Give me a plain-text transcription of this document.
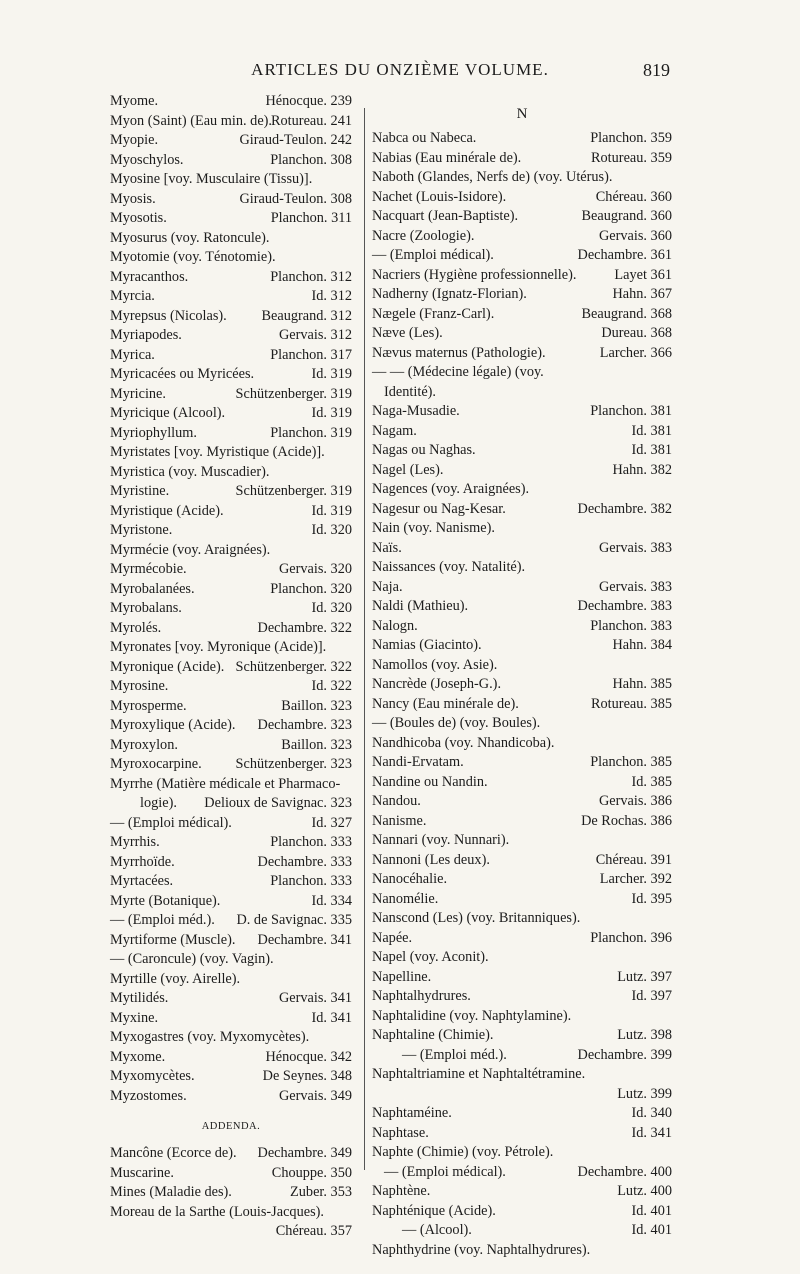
ARTICLES DU ONZIÈME VOLUME.	819
Myome.	Hénocque. 239
Myon (Saint) (Eau min. de). Rotureau. 241
Myopie.	Giraud-Teulon. 242
Myoschylos.	Planchon. 308
Myosine [voy. Musculaire (Tissu)].
Myosis.	Giraud-Teulon. 308
Myosotis.	Planchon. 311
Myosurus (voy. Ratoncule).
Myotomie (voy. Ténotomie).
Myracanthos.	Planchon. 312
Myrcia.	Id. 312
Myrepsus (Nicolas). Beaugrand. 312
Myriapodes.	Gervais. 312
Myrica.	Planchon. 317
Myricacées ou Myricées.	Id. 319
Myricine.	Schützenberger. 319
Myricique (Alcool).	Id. 319
Myriophyllum.	Planchon. 319
Myristates [voy. Myristique (Acide)].
Myristica (voy. Muscadier).
Myristine.	Schützenberger. 319
Myristique (Acide).	Id. 319
Myristone.	Id. 320
Myrmécie (voy. Araignées).
Myrmécobie.	Gervais. 320
Myrobalanées.	Planchon. 320
Myrobalans.	Id. 320
Myrolés.	Dechambre. 322
Myronates [voy. Myronique (Acide)].
Myronique (Acide). Schützenberger. 322
Myrosine.	Id. 322
Myrosperme.	Baillon. 323
Myroxylique (Acide). Dechambre. 323
Myroxylon.	Baillon. 323
Myroxocarpine. Schützenberger. 323
Myrrhe (Matière médicale et Pharmaco-
logie). Delioux de Savignac. 323
— (Emploi médical).	Id. 327
Myrrhis.	Planchon. 333
Myrrhoïde.	Dechambre. 333
Myrtacées.	Planchon. 333
Myrte (Botanique).	Id. 334
— (Emploi méd.). D. de Savignac. 335
Myrtiforme (Muscle). Dechambre. 341
— (Caroncule) (voy. Vagin).
Myrtille (voy. Airelle).
Mytilidés.	Gervais. 341
Myxine.	Id. 341
Myxogastres (voy. Myxomycètes).
Myxome.	Hénocque. 342
Myxomycètes.	De Seynes. 348
Myzostomes.	Gervais. 349
ADDENDA.
Mancône (Ecorce de). Dechambre. 349
Muscarine.	Chouppe. 350
Mines (Maladie des).	Zuber. 353
Moreau de la Sarthe (Louis-Jacques).
Chéreau. 357
N
Nabca ou Nabeca.	Planchon. 359
Nabias (Eau minérale de).	Rotureau. 359
Naboth (Glandes, Nerfs de) (voy. Utérus).
Nachet (Louis-Isidore).	Chéreau. 360
Nacquart (Jean-Baptiste).	Beaugrand. 360
Nacre (Zoologie).	Gervais. 360
— (Emploi médical).	Dechambre. 361
Nacriers (Hygiène professionnelle).	Layet 361
Nadherny (Ignatz-Florian).	Hahn. 367
Nægele (Franz-Carl).	Beaugrand. 368
Næve (Les).	Dureau. 368
Nævus maternus (Pathologie).	Larcher. 366
— — (Médecine légale) (voy.
Identité).
Naga-Musadie.	Planchon. 381
Nagam.	Id. 381
Nagas ou Naghas.	Id. 381
Nagel (Les).	Hahn. 382
Nagences (voy. Araignées).
Nagesur ou Nag-Kesar.	Dechambre. 382
Nain (voy. Nanisme).
Naïs.	Gervais. 383
Naissances (voy. Natalité).
Naja.	Gervais. 383
Naldi (Mathieu).	Dechambre. 383
Nalogn.	Planchon. 383
Namias (Giacinto).	Hahn. 384
Namollos (voy. Asie).
Nancrède (Joseph-G.).	Hahn. 385
Nancy (Eau minérale de).	Rotureau. 385
— (Boules de) (voy. Boules).
Nandhicoba (voy. Nhandicoba).
Nandi-Ervatam.	Planchon. 385
Nandine ou Nandin.	Id. 385
Nandou.	Gervais. 386
Nanisme.	De Rochas. 386
Nannari (voy. Nunnari).
Nannoni (Les deux).	Chéreau. 391
Nanocéhalie.	Larcher. 392
Nanomélie.	Id. 395
Nanscond (Les) (voy. Britanniques).
Napée.	Planchon. 396
Napel (voy. Aconit).
Napelline.	Lutz. 397
Naphtalhydrures.	Id. 397
Naphtalidine (voy. Naphtylamine).
Naphtaline (Chimie).	Lutz. 398
— (Emploi méd.).	Dechambre. 399
Naphtaltriamine et Naphtaltétramine.
Lutz. 399
Naphtaméine.	Id. 340
Naphtase.	Id. 341
Naphte (Chimie) (voy. Pétrole).
— (Emploi médical).	Dechambre. 400
Naphtène.	Lutz. 400
Naphténique (Acide).	Id. 401
— (Alcool).	Id. 401
Naphthydrine (voy. Naphtalhydrures).
